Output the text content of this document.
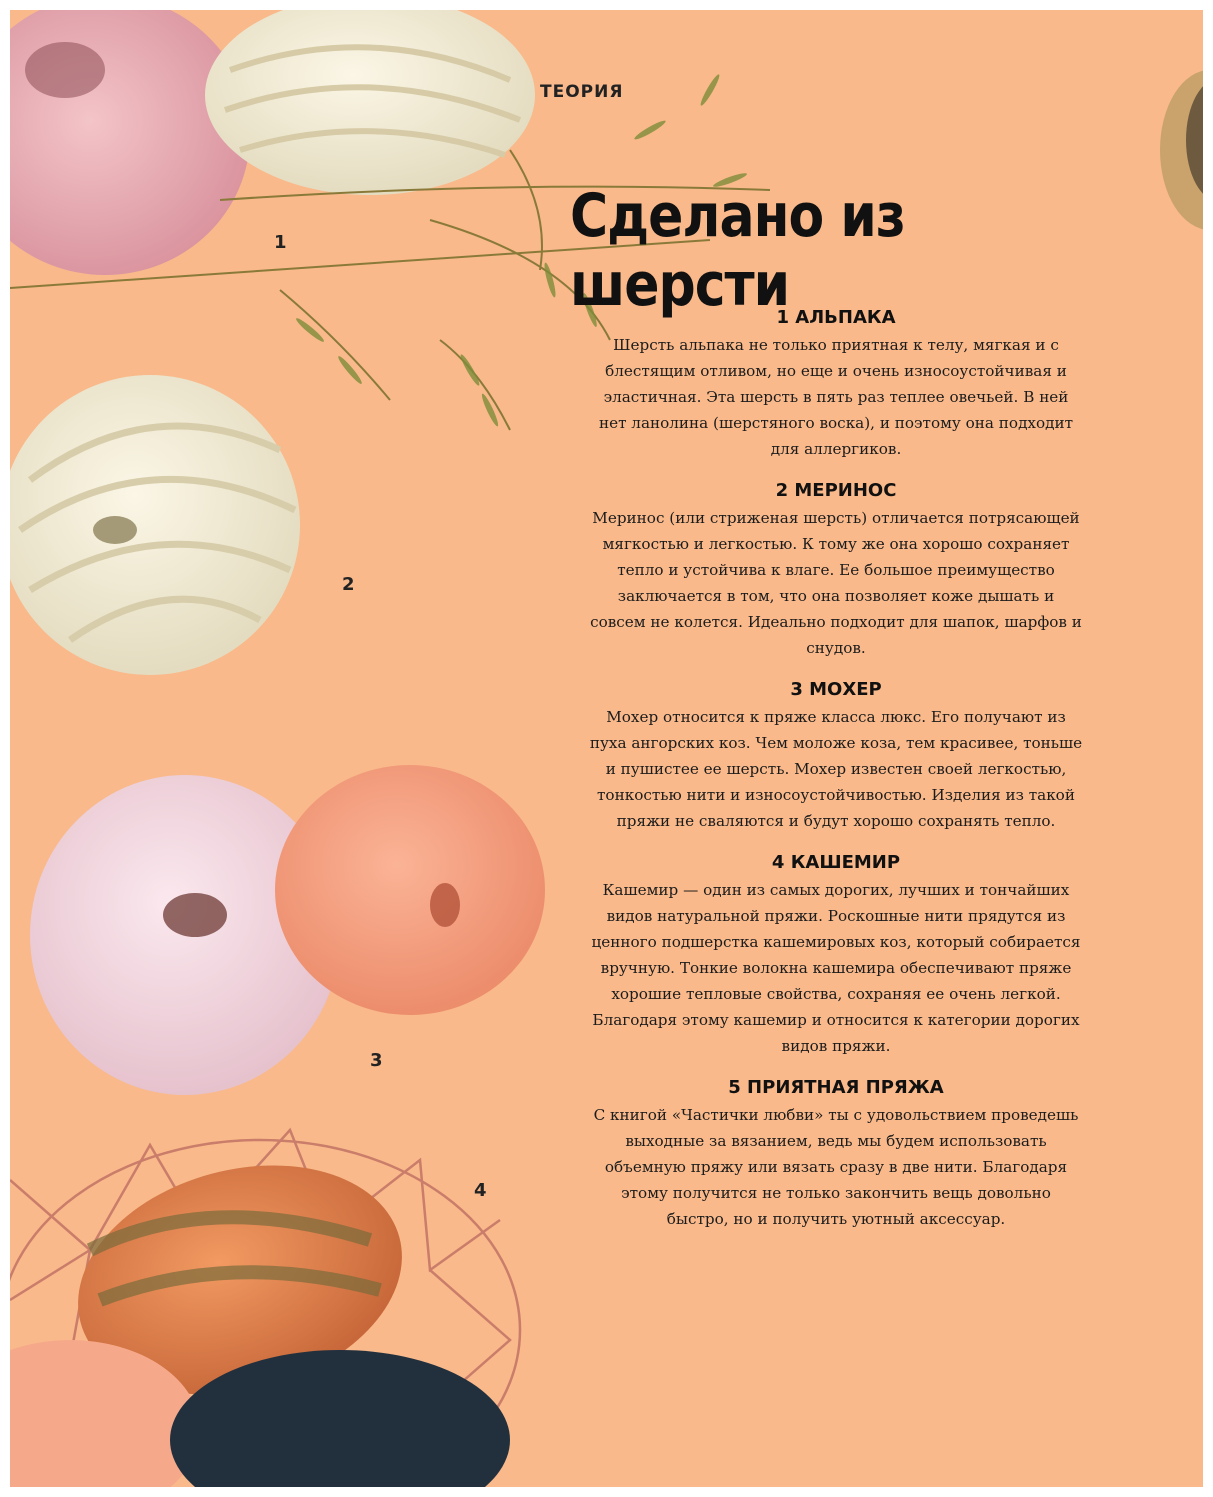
1
2
3
4
ТЕОРИЯ
Сделано из шерсти

1 АЛЬПАКА

Шерсть альпака не только приятная к телу, мягкая и с блестящим отливом, но еще и очень износоустойчивая и эластичная. Эта шерсть в пять раз теплее овечьей. В ней нет ланолина (шерстяного воска), и поэтому она подходит для аллергиков.

2 МЕРИНОС

Меринос (или стриженая шерсть) отличается потрясающей мягкостью и легкостью. К тому же она хорошо сохраняет тепло и устойчива к влаге. Ее большое преимущество заключается в том, что она позволяет коже дышать и совсем не колется. Идеально подходит для шапок, шарфов и снудов.

3 МОХЕР

Мохер относится к пряже класса люкс. Его получают из пуха ангорских коз. Чем моложе коза, тем красивее, тоньше и пушистее ее шерсть. Мохер известен своей легкостью, тонкостью нити и износоустойчивостью. Изделия из такой пряжи не сваляются и будут хорошо сохранять тепло.

4 КАШЕМИР

Кашемир — один из самых дорогих, лучших и тончайших видов натуральной пряжи. Роскошные нити прядутся из ценного подшерстка кашемировых коз, который собирается вручную. Тонкие волокна кашемира обеспечивают пряже хорошие тепловые свойства, сохраняя ее очень легкой. Благодаря этому кашемир и относится к категории дорогих видов пряжи.

5 ПРИЯТНАЯ ПРЯЖА

С книгой «Частички любви» ты с удовольствием проведешь выходные за вязанием, ведь мы будем использовать объемную пряжу или вязать сразу в две нити. Благодаря этому получится не только закончить вещь довольно быстро, но и получить уютный аксессуар.
